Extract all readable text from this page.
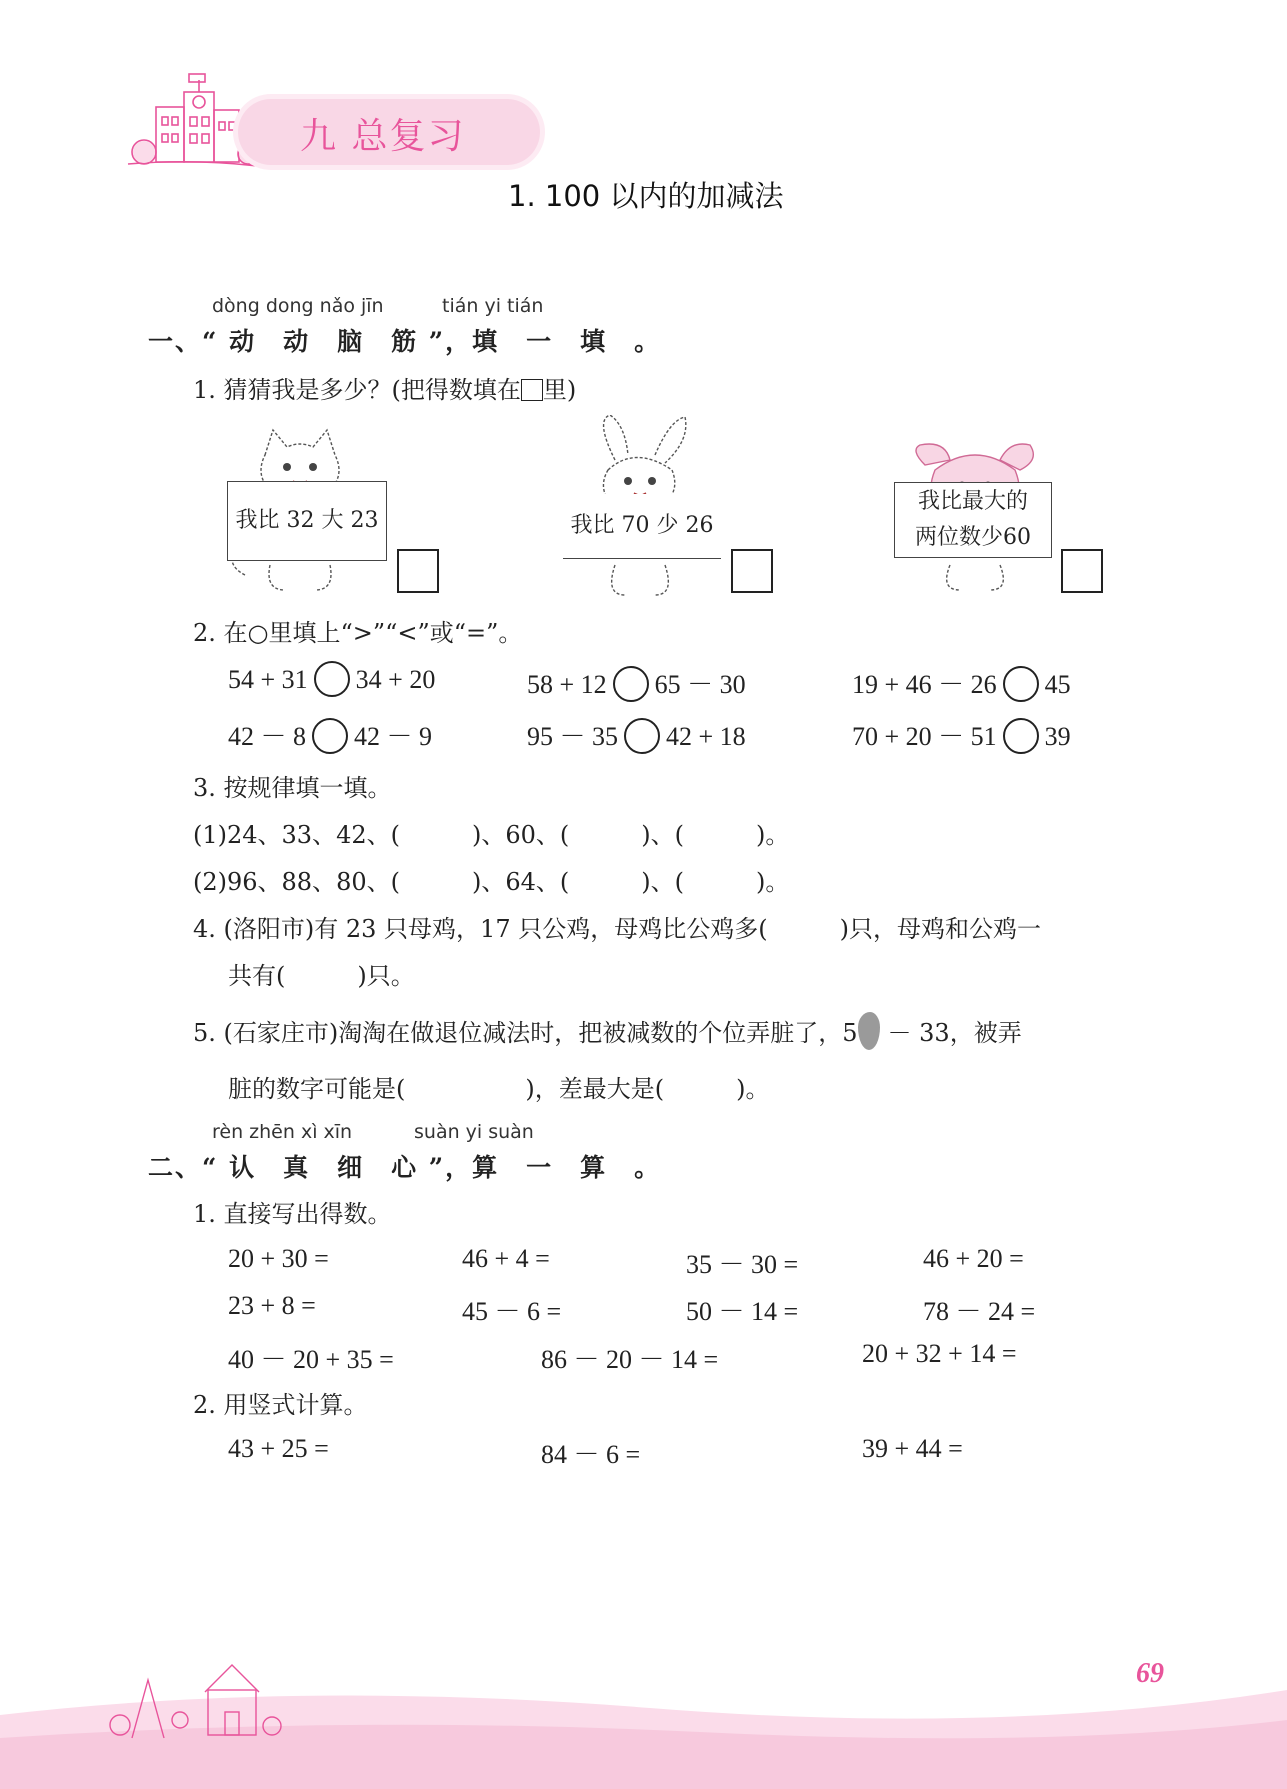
九 总复习
1. 100 以内的加减法
dòng dong nǎo jīn	tián yi tián
一、“ 动　动　脑　筋 ”，填　一　填　。
1. 猜猜我是多少？(把得数填在 里)
我比 32 大 23	我比 70 少 26
我比最大的
两位数少60
2. 在○里填上“>”“<”或“=”。
54 + 31 34 + 20	58 + 12 65 － 30	19 + 46 － 26 45
42 － 8 42 － 9	95 － 35 42 + 18	70 + 20 － 51 39
3. 按规律填一填。
(1)24、33、42、(　　　)、60、(　　　)、(　　　)。
(2)96、88、80、(　　　)、64、(　　　)、(　　　)。
4. (洛阳市)有 23 只母鸡，17 只公鸡，母鸡比公鸡多(　　　)只，母鸡和公鸡一
共有(　　　)只。
5. (石家庄市)淘淘在做退位减法时，把被减数的个位弄脏了，5 － 33，被弄
脏的数字可能是(　　　　　)，差最大是(　　　)。
rèn zhēn xì xīn	suàn yi suàn
二、“ 认　真　细　心 ”，算　一　算　。
1. 直接写出得数。
20 + 30 =	46 + 4 =	35 － 30 =	46 + 20 =
23 + 8 =	45 － 6 =	50 － 14 =	78 － 24 =
40 － 20 + 35 =	86 － 20 － 14 =	20 + 32 + 14 =
2. 用竖式计算。
43 + 25 =	84 － 6 =	39 + 44 =
69
